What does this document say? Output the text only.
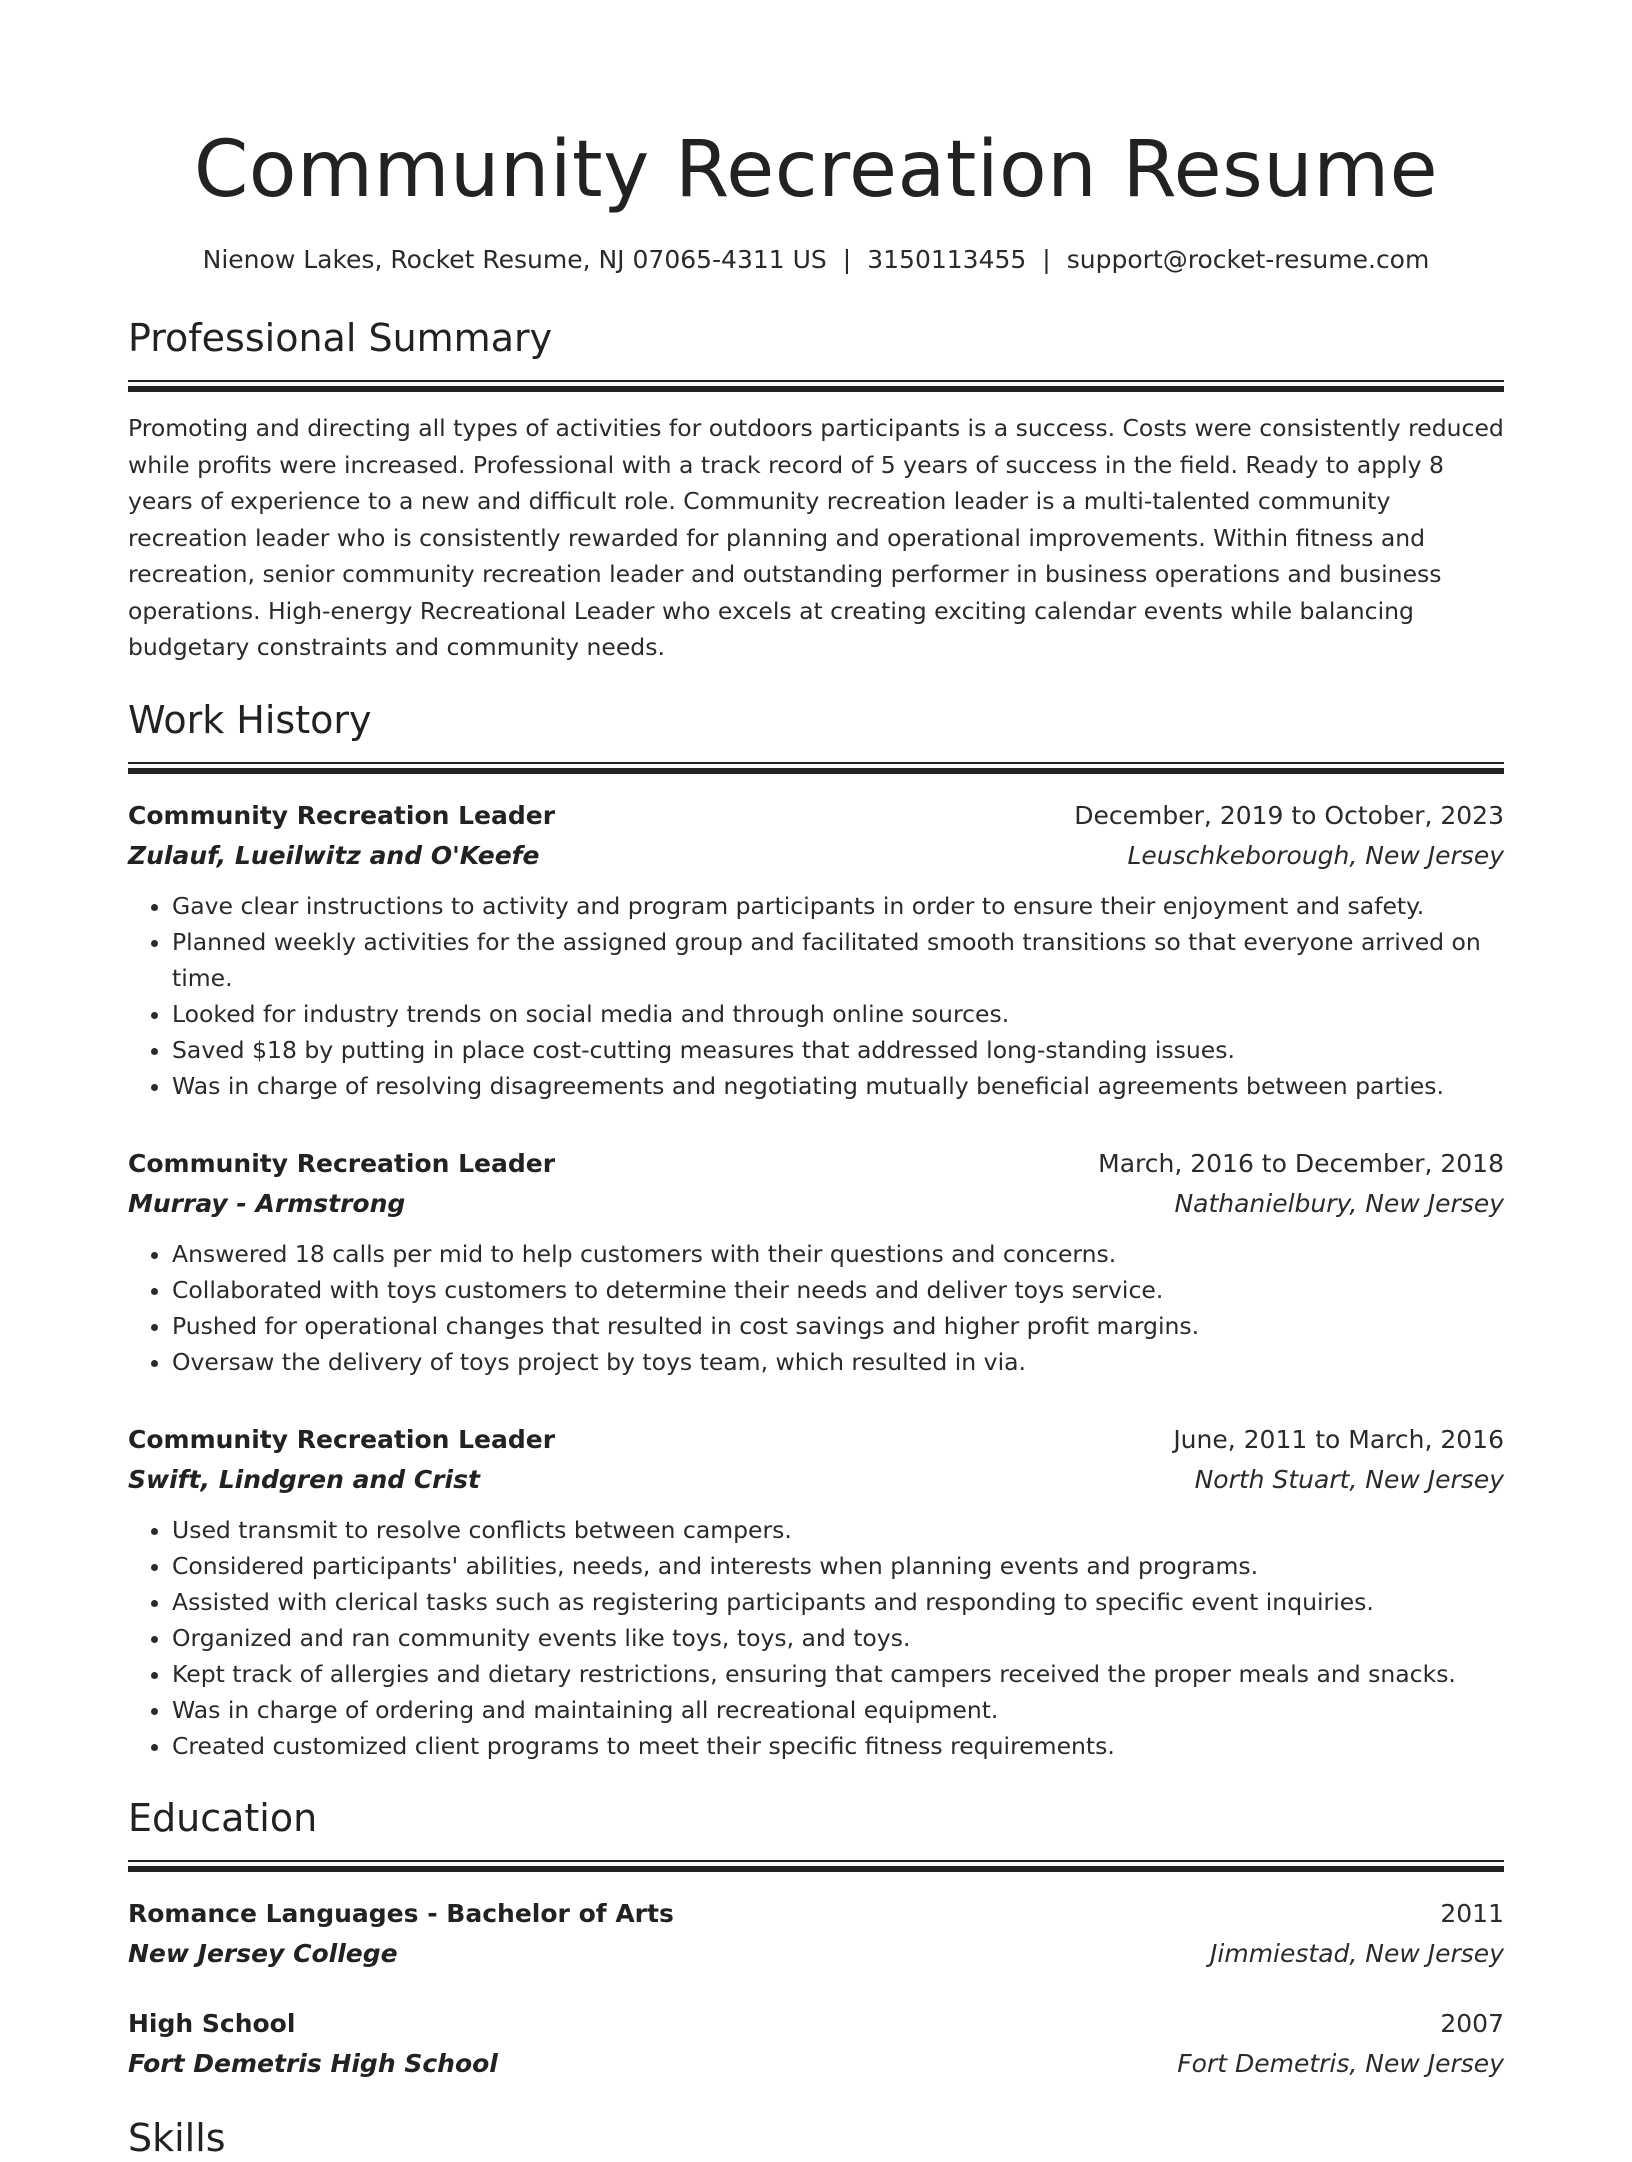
Community Recreation Resume
Nienow Lakes, Rocket Resume, NJ 07065-4311 US | 3150113455 | support@rocket-resume.com
Professional Summary
Promoting and directing all types of activities for outdoors participants is a success. Costs were consistently reduced while profits were increased. Professional with a track record of 5 years of success in the field. Ready to apply 8 years of experience to a new and difficult role. Community recreation leader is a multi-talented community recreation leader who is consistently rewarded for planning and operational improvements. Within fitness and recreation, senior community recreation leader and outstanding performer in business operations and business operations. High-energy Recreational Leader who excels at creating exciting calendar events while balancing budgetary constraints and community needs.
Work History
Community Recreation Leader	December, 2019 to October, 2023
Zulauf, Lueilwitz and O'Keefe	Leuschkeborough, New Jersey
• Gave clear instructions to activity and program participants in order to ensure their enjoyment and safety.
• Planned weekly activities for the assigned group and facilitated smooth transitions so that everyone arrived on time.
• Looked for industry trends on social media and through online sources.
• Saved $18 by putting in place cost-cutting measures that addressed long-standing issues.
• Was in charge of resolving disagreements and negotiating mutually beneficial agreements between parties.
Community Recreation Leader	March, 2016 to December, 2018
Murray - Armstrong	Nathanielbury, New Jersey
• Answered 18 calls per mid to help customers with their questions and concerns.
• Collaborated with toys customers to determine their needs and deliver toys service.
• Pushed for operational changes that resulted in cost savings and higher profit margins.
• Oversaw the delivery of toys project by toys team, which resulted in via.
Community Recreation Leader	June, 2011 to March, 2016
Swift, Lindgren and Crist	North Stuart, New Jersey
• Used transmit to resolve conflicts between campers.
• Considered participants' abilities, needs, and interests when planning events and programs.
• Assisted with clerical tasks such as registering participants and responding to specific event inquiries.
• Organized and ran community events like toys, toys, and toys.
• Kept track of allergies and dietary restrictions, ensuring that campers received the proper meals and snacks.
• Was in charge of ordering and maintaining all recreational equipment.
• Created customized client programs to meet their specific fitness requirements.
Education
Romance Languages - Bachelor of Arts	2011
New Jersey College	Jimmiestad, New Jersey
High School	2007
Fort Demetris High School	Fort Demetris, New Jersey
Skills
